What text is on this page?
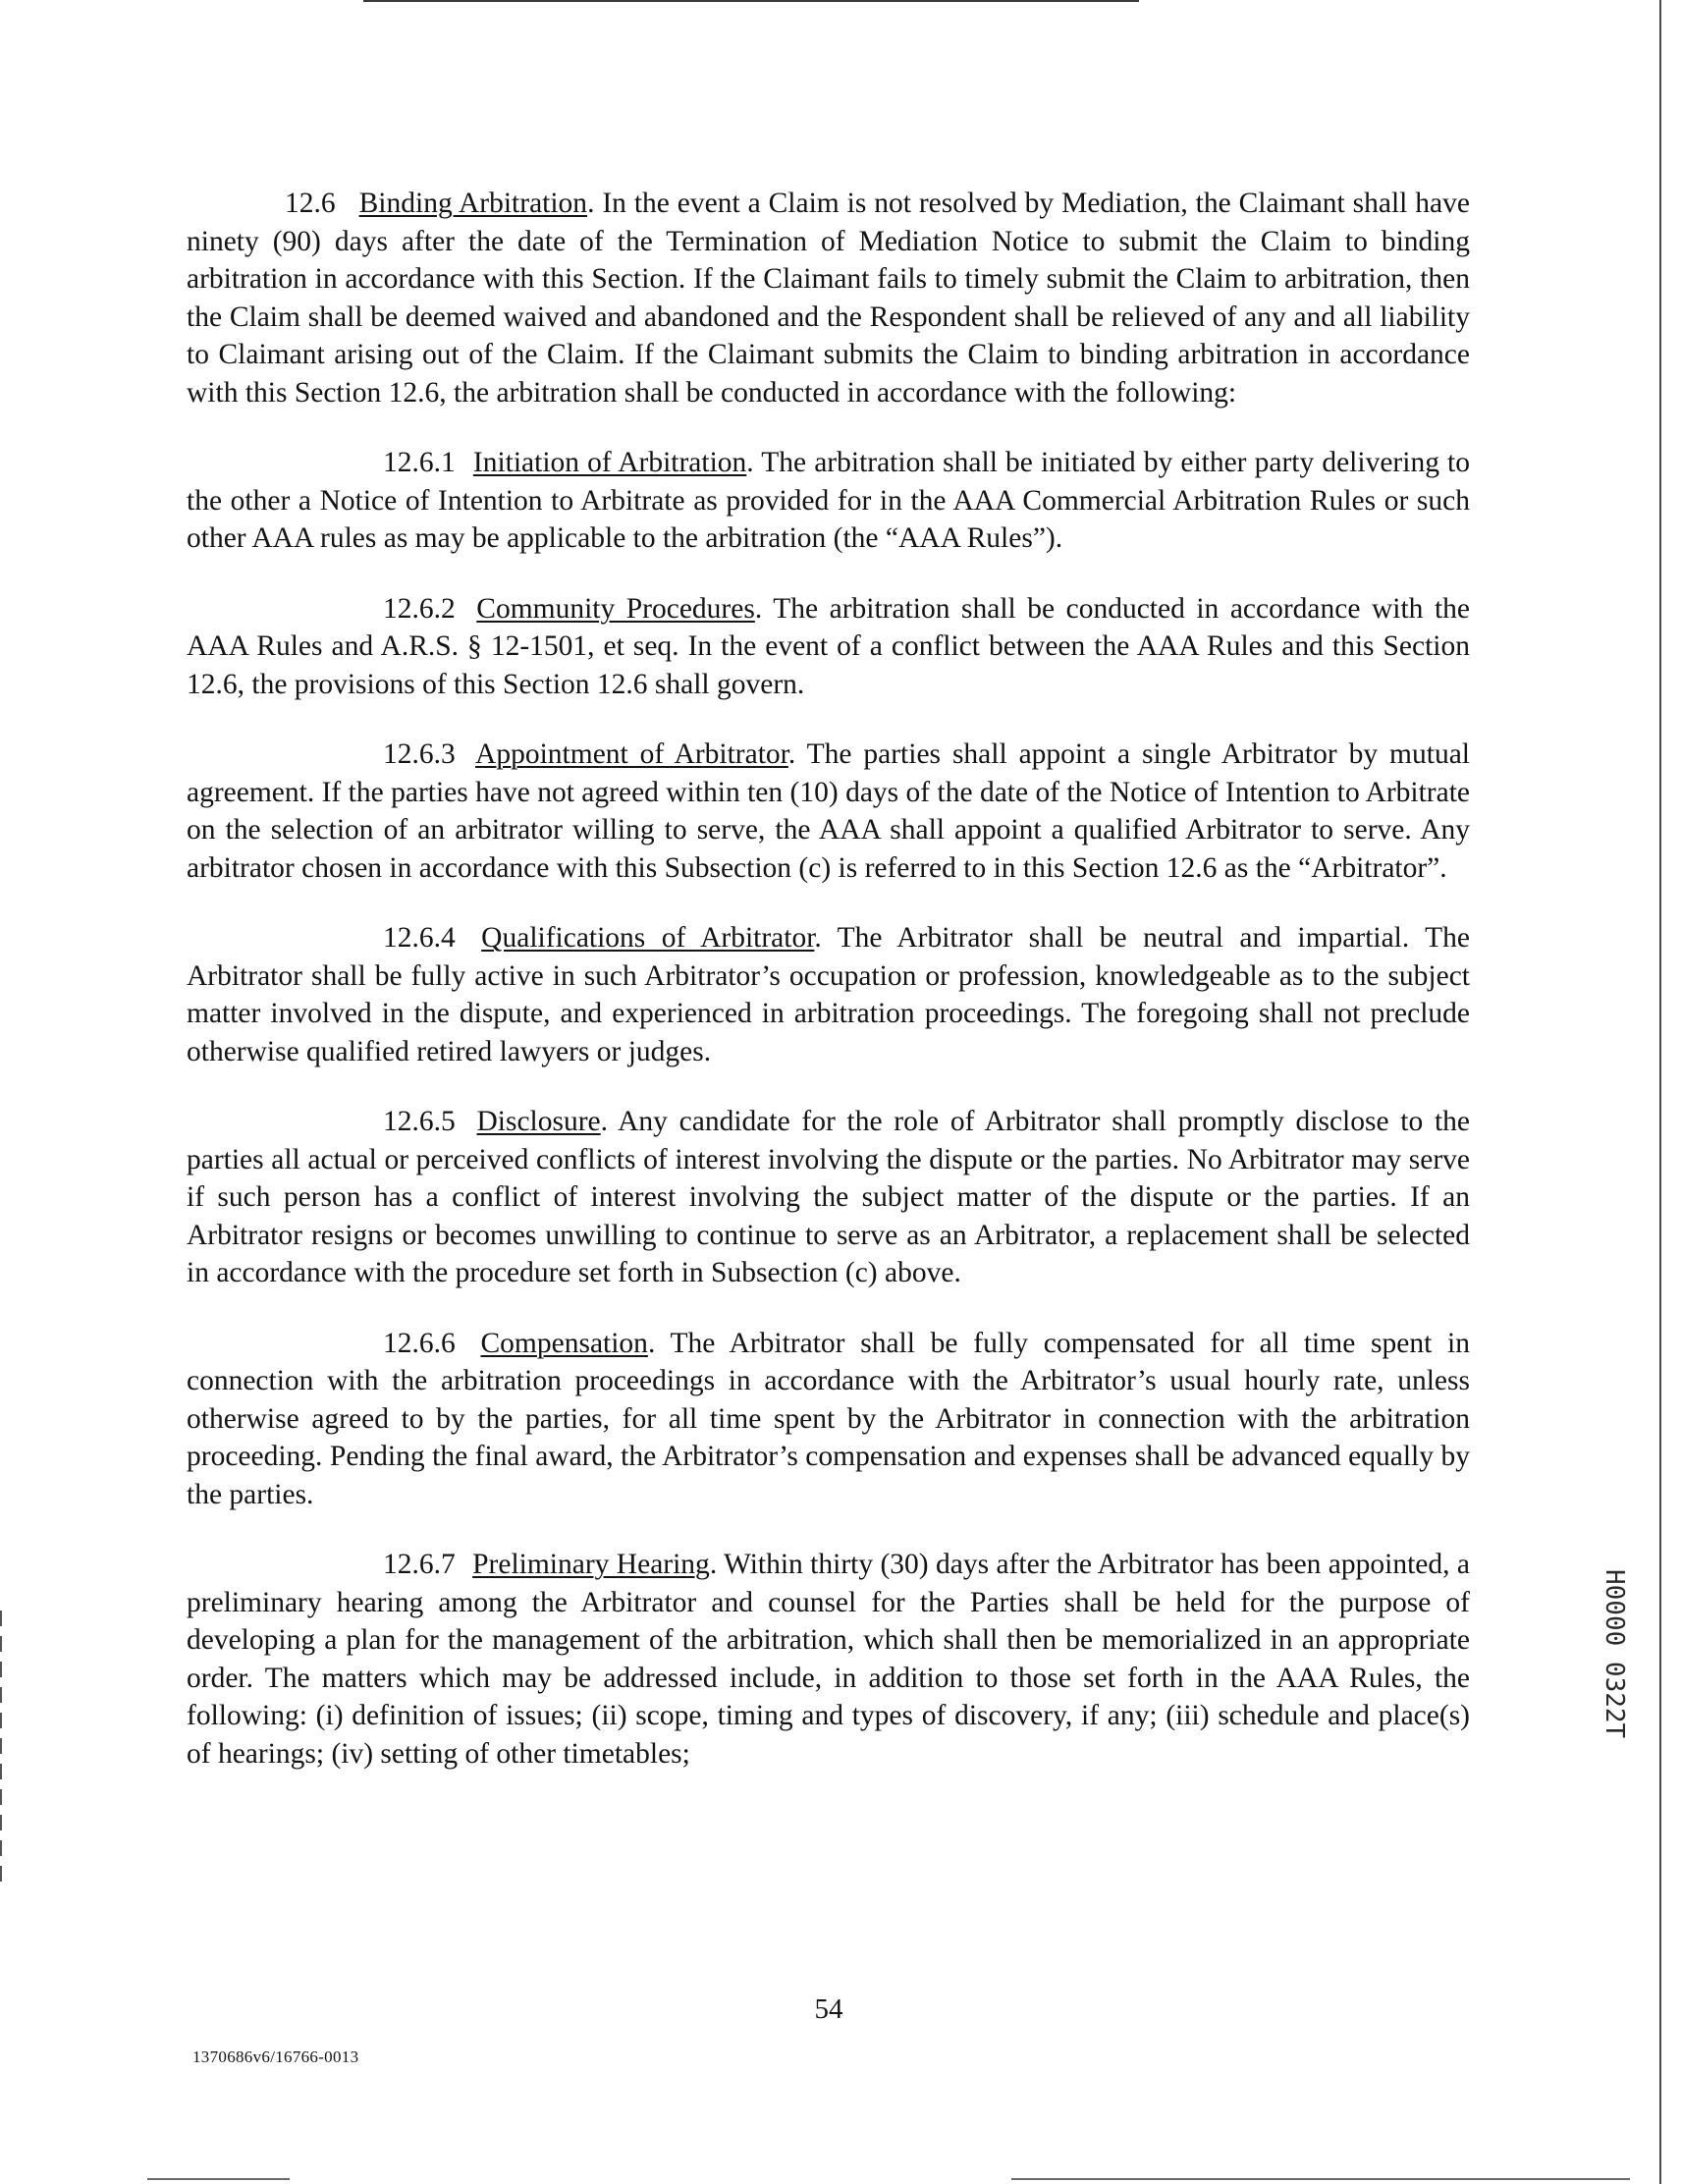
12.6 Binding Arbitration. In the event a Claim is not resolved by Mediation, the Claimant shall have ninety (90) days after the date of the Termination of Mediation Notice to submit the Claim to binding arbitration in accordance with this Section. If the Claimant fails to timely submit the Claim to arbitration, then the Claim shall be deemed waived and abandoned and the Respondent shall be relieved of any and all liability to Claimant arising out of the Claim. If the Claimant submits the Claim to binding arbitration in accordance with this Section 12.6, the arbitration shall be conducted in accordance with the following:

12.6.1 Initiation of Arbitration. The arbitration shall be initiated by either party delivering to the other a Notice of Intention to Arbitrate as provided for in the AAA Commercial Arbitration Rules or such other AAA rules as may be applicable to the arbitration (the “AAA Rules”).

12.6.2 Community Procedures. The arbitration shall be conducted in accordance with the AAA Rules and A.R.S. § 12-1501, et seq. In the event of a conflict between the AAA Rules and this Section 12.6, the provisions of this Section 12.6 shall govern.

12.6.3 Appointment of Arbitrator. The parties shall appoint a single Arbitrator by mutual agreement. If the parties have not agreed within ten (10) days of the date of the Notice of Intention to Arbitrate on the selection of an arbitrator willing to serve, the AAA shall appoint a qualified Arbitrator to serve. Any arbitrator chosen in accordance with this Subsection (c) is referred to in this Section 12.6 as the “Arbitrator”.

12.6.4 Qualifications of Arbitrator. The Arbitrator shall be neutral and impartial. The Arbitrator shall be fully active in such Arbitrator’s occupation or profession, knowledgeable as to the subject matter involved in the dispute, and experienced in arbitration proceedings. The foregoing shall not preclude otherwise qualified retired lawyers or judges.

12.6.5 Disclosure. Any candidate for the role of Arbitrator shall promptly disclose to the parties all actual or perceived conflicts of interest involving the dispute or the parties. No Arbitrator may serve if such person has a conflict of interest involving the subject matter of the dispute or the parties. If an Arbitrator resigns or becomes unwilling to continue to serve as an Arbitrator, a replacement shall be selected in accordance with the procedure set forth in Subsection (c) above.

12.6.6 Compensation. The Arbitrator shall be fully compensated for all time spent in connection with the arbitration proceedings in accordance with the Arbitrator’s usual hourly rate, unless otherwise agreed to by the parties, for all time spent by the Arbitrator in connection with the arbitration proceeding. Pending the final award, the Arbitrator’s compensation and expenses shall be advanced equally by the parties.

12.6.7 Preliminary Hearing. Within thirty (30) days after the Arbitrator has been appointed, a preliminary hearing among the Arbitrator and counsel for the Parties shall be held for the purpose of developing a plan for the management of the arbitration, which shall then be memorialized in an appropriate order. The matters which may be addressed include, in addition to those set forth in the AAA Rules, the following: (i) definition of issues; (ii) scope, timing and types of discovery, if any; (iii) schedule and place(s) of hearings; (iv) setting of other timetables;

H0000 0322T
54
1370686v6/16766-0013
